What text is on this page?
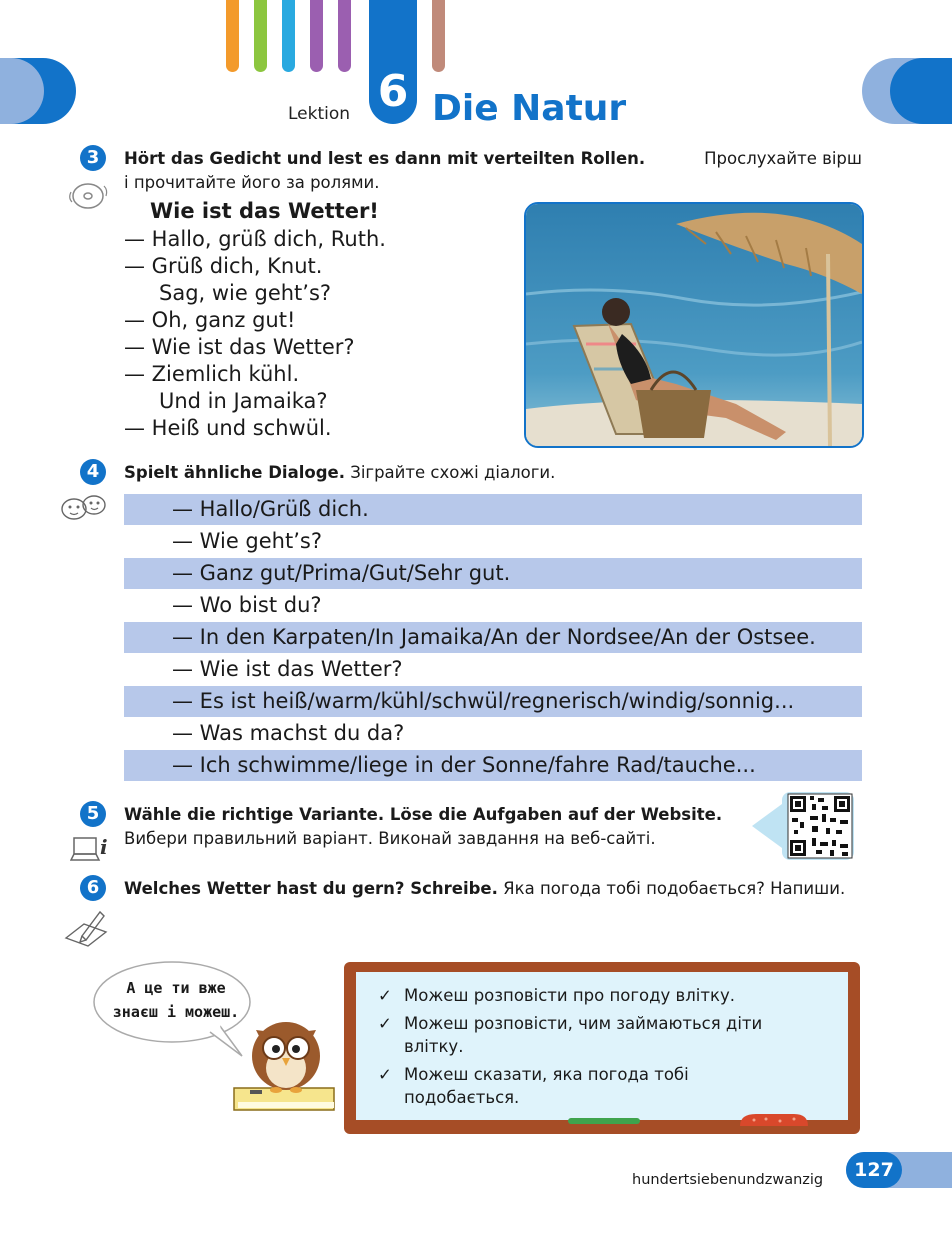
6
Lektion Die Natur
3	Hört das Gedicht und lest es dann mit verteilten Rollen.	Прослухайте вірш
і прочитайте його за ролями.
Wie ist das Wetter!
— Hallo, grüß dich, Ruth.
— Grüß dich, Knut.
Sag, wie geht’s?
— Oh, ganz gut!
— Wie ist das Wetter?
— Ziemlich kühl.
Und in Jamaika?
— Heiß und schwül.
4	Spielt ähnliche Dialoge. Зіграйте схожі діалоги.
— Hallo/Grüß dich.
— Wie geht’s?
— Ganz gut/Prima/Gut/Sehr gut.
— Wo bist du?
— In den Karpaten/In Jamaika/An der Nordsee/An der Ostsee.
— Wie ist das Wetter?
— Es ist heiß/warm/kühl/schwül/regnerisch/windig/sonnig...
— Was machst du da?
— Ich schwimme/liege in der Sonne/fahre Rad/tauche...
5	Wähle die richtige Variante. Löse die Aufgaben auf der Website.
Вибери правильний варіант. Виконай завдання на веб-сайті.
i
6	Welches Wetter hast du gern? Schreibe. Яка погода тобі подобається? Напиши.
А це ти вже
знаєш і можеш.
✓ Можеш розповісти про погоду влітку.
✓ Можеш розповісти, чим займаються діти
влітку.
✓ Можеш сказати, яка погода тобі
подобається.
hundertsiebenundzwanzig	127
